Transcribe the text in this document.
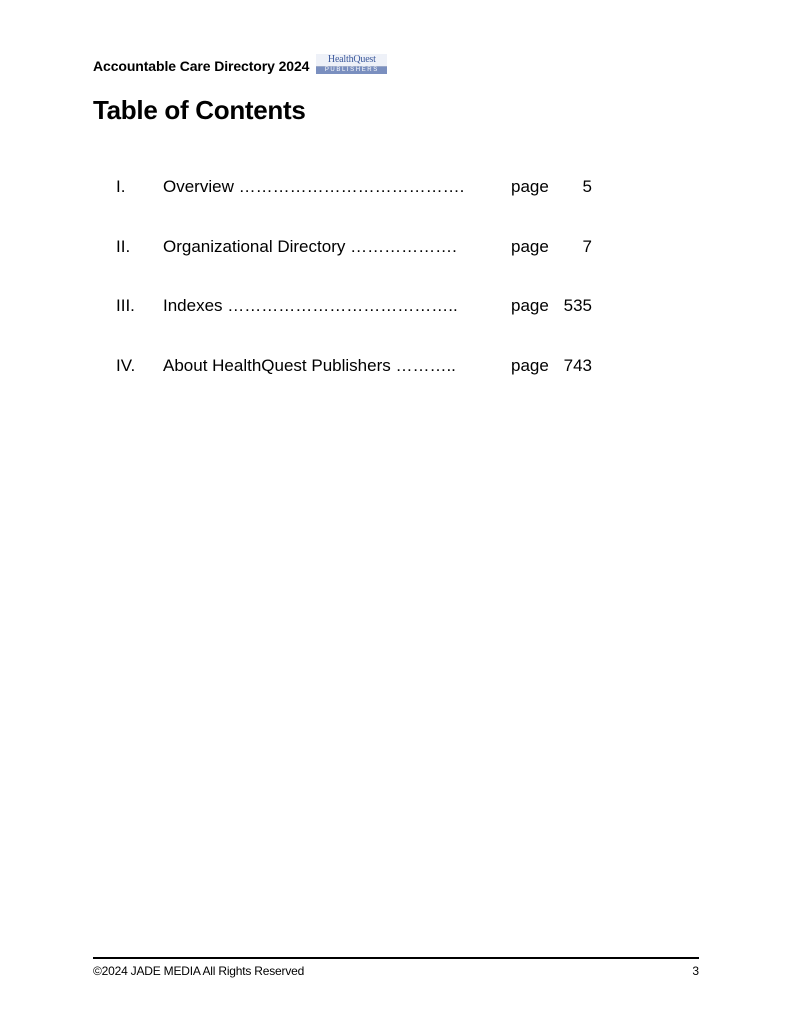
Accountable Care Directory 2024	HealthQuest
PUBLISHERS
Table of Contents
I. Overview ………………………………….	page	5
II. Organizational Directory ……………….	page	7
III. Indexes …………………………………..	page 535
IV. About HealthQuest Publishers ………..	page 743
©2024 JADE MEDIA All Rights Reserved	3
